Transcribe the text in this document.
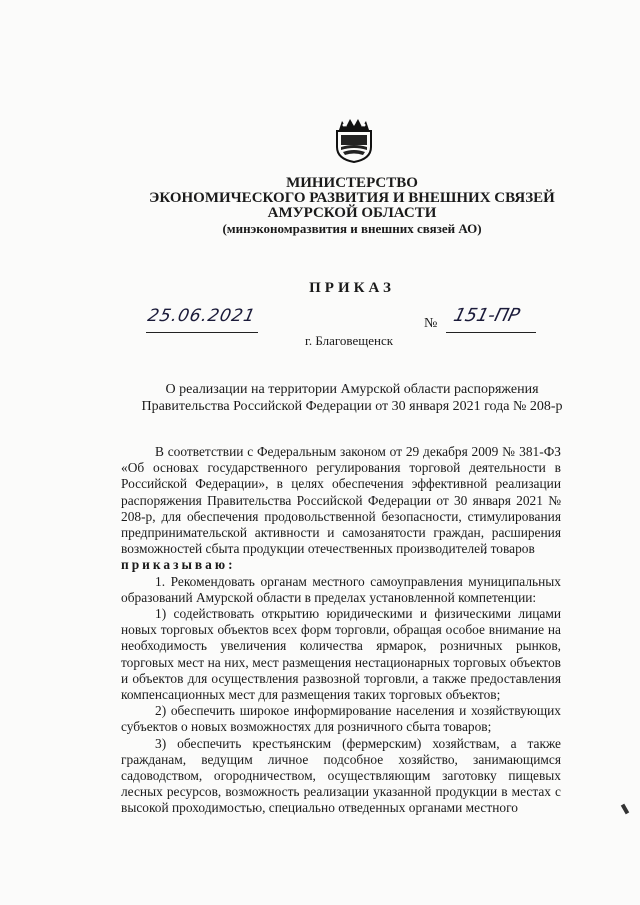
МИНИСТЕРСТВО
ЭКОНОМИЧЕСКОГО РАЗВИТИЯ И ВНЕШНИХ СВЯЗЕЙ
АМУРСКОЙ ОБЛАСТИ
(минэкономразвития и внешних связей АО)
ПРИКАЗ
25.06.2021	№ 151-ПР
г. Благовещенск
О реализации на территории Амурской области распоряжения
Правительства Российской Федерации от 30 января 2021 года № 208-р

В соответствии с Федеральным законом от 29 декабря 2009 № 381-ФЗ «Об основах государственного регулирования торговой деятельности в Российской Федерации», в целях обеспечения эффективной реализации распоряжения Правительства Российской Федерации от 30 января 2021 № 208-р, для обеспечения продовольственной безопасности, стимулирования предпринимательской активности и самозанятости граждан, расширения возможностей сбыта продукции отечественных производителей товаров

приказываю:

1. Рекомендовать органам местного самоуправления муниципальных образований Амурской области в пределах установленной компетенции:

1) содействовать открытию юридическими и физическими лицами новых торговых объектов всех форм торговли, обращая особое внимание на необходимость увеличения количества ярмарок, розничных рынков, торговых мест на них, мест размещения нестационарных торговых объектов и объектов для осуществления развозной торговли, а также предоставления компенсационных мест для размещения таких торговых объектов;

2) обеспечить широкое информирование населения и хозяйствующих субъектов о новых возможностях для розничного сбыта товаров;

3) обеспечить крестьянским (фермерским) хозяйствам, а также гражданам, ведущим личное подсобное хозяйство, занимающимся садоводством, огородничеством, осуществляющим заготовку пищевых лесных ресурсов, возможность реализации указанной продукции в местах с высокой проходимостью, специально отведенных органами местного
